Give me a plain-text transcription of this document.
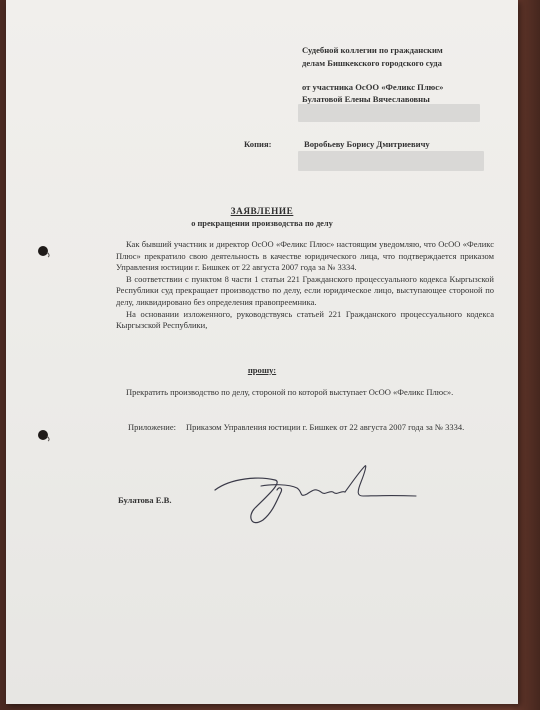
Судебной коллегии по гражданским
делам Бишкекского городского суда
от участника ОсОО «Феликс Плюс»
Булатовой Елены Вячеславовны
Копия:	Воробьеву Борису Дмитриевичу
ЗАЯВЛЕНИЕ
о прекращении производства по делу

Как бывший участник и директор ОсОО «Феликс Плюс» настоящим уведомляю, что ОсОО «Феликс Плюс» прекратило свою деятельность в качестве юридического лица, что подтверждается приказом Управления юстиции г. Бишкек от 22 августа 2007 года за № 3334.

В соответствии с пунктом 8 части 1 статьи 221 Гражданского процессуального кодекса Кыргызской Республики суд прекращает производство по делу, если юридическое лицо, выступающее стороной по делу, ликвидировано без определения правопреемника.

На основании изложенного, руководствуясь статьей 221 Гражданского процессуального кодекса Кыргызской Республики,

прошу:
Прекратить производство по делу, стороной по которой выступает ОсОО «Феликс Плюс».
Приложение: Приказом Управления юстиции г. Бишкек от 22 августа 2007 года за № 3334.
Булатова Е.В.
